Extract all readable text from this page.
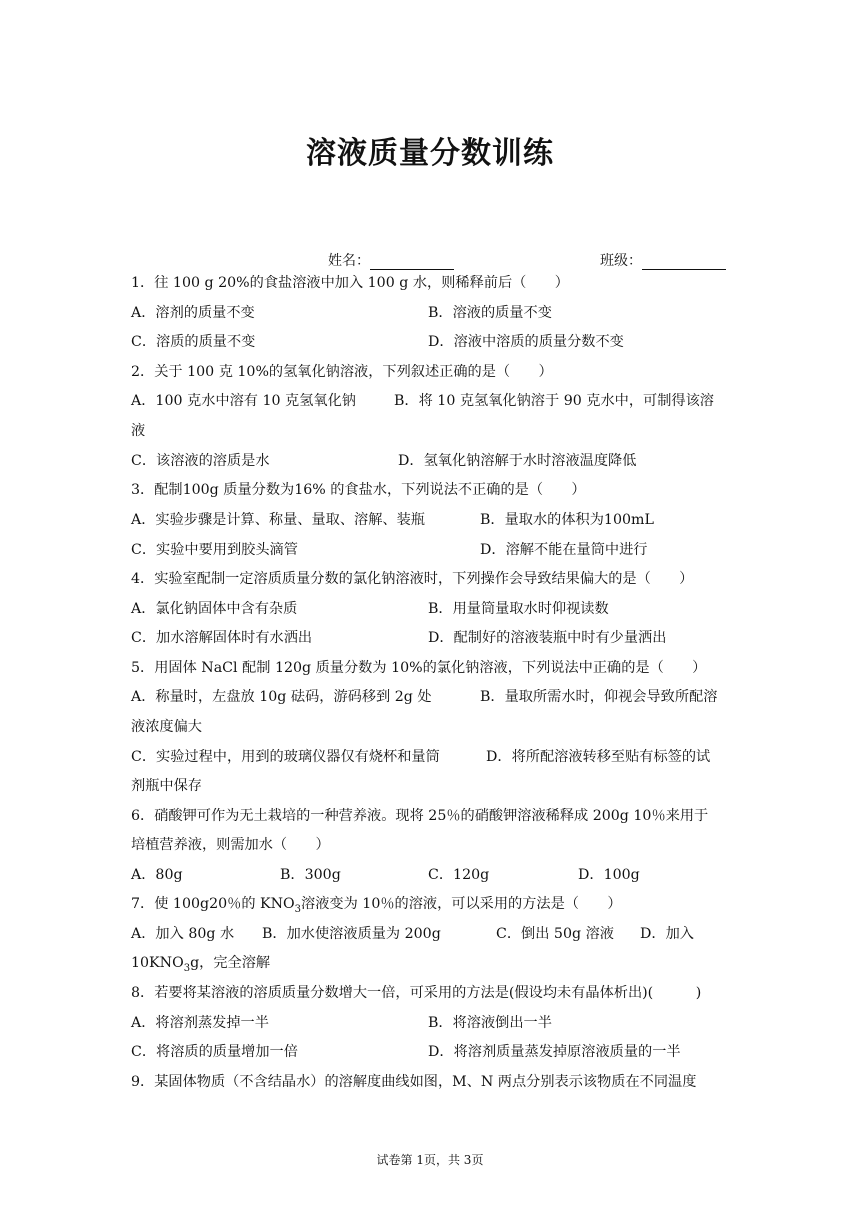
溶液质量分数训练
姓名：	班级：
1．往 100 g 20%的食盐溶液中加入 100 g 水，则稀释前后（　　）
A．溶剂的质量不变	B．溶液的质量不变
C．溶质的质量不变	D．溶液中溶质的质量分数不变
2．关于 100 克 10%的氢氧化钠溶液，下列叙述正确的是（　　）
A．100 克水中溶有 10 克氢氧化钠	B．将 10 克氢氧化钠溶于 90 克水中，可制得该溶
液
C．该溶液的溶质是水	D．氢氧化钠溶解于水时溶液温度降低
3．配制100g 质量分数为16% 的食盐水，下列说法不正确的是（　　）
A．实验步骤是计算、称量、量取、溶解、装瓶	B．量取水的体积为100mL
C．实验中要用到胶头滴管	D．溶解不能在量筒中进行
4．实验室配制一定溶质质量分数的氯化钠溶液时，下列操作会导致结果偏大的是（　　）
A．氯化钠固体中含有杂质	B．用量筒量取水时仰视读数
C．加水溶解固体时有水洒出	D．配制好的溶液装瓶中时有少量洒出
5．用固体 NaCl 配制 120g 质量分数为 10%的氯化钠溶液，下列说法中正确的是（　　）
A．称量时，左盘放 10g 砝码，游码移到 2g 处	B．量取所需水时，仰视会导致所配溶
液浓度偏大
C．实验过程中，用到的玻璃仪器仅有烧杯和量筒	D．将所配溶液转移至贴有标签的试
剂瓶中保存
6．硝酸钾可作为无土栽培的一种营养液。现将 25％的硝酸钾溶液稀释成 200g 10％来用于
培植营养液，则需加水（　　）
A．80g	B．300g	C．120g	D．100g
7．使 100g20％的 $KNO_3$溶液变为 10％的溶液，可以采用的方法是（　　）
A．加入 80g 水 B．加水使溶液质量为 200g	C．倒出 50g 溶液 D．加入
$10KNO_3g$，完全溶解
8．若要将某溶液的溶质质量分数增大一倍，可采用的方法是(假设均未有晶体析出)(　　　)
A．将溶剂蒸发掉一半	B．将溶液倒出一半
C．将溶质的质量增加一倍	D．将溶剂质量蒸发掉原溶液质量的一半
9．某固体物质（不含结晶水）的溶解度曲线如图，M、N 两点分别表示该物质在不同温度
试卷第 1页，共 3页
